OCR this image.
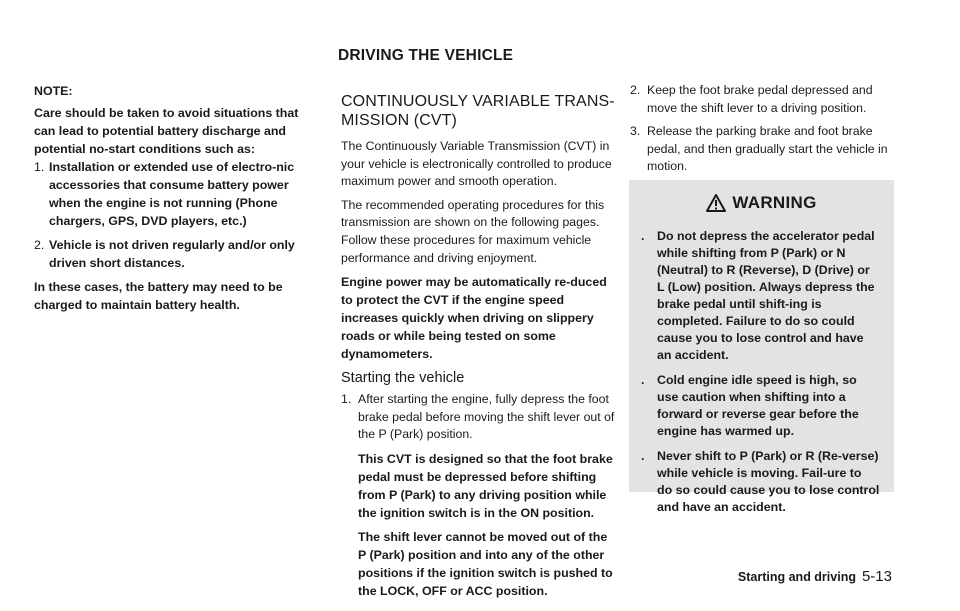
DRIVING THE VEHICLE

NOTE:

Care should be taken to avoid situations that can lead to potential battery discharge and potential no-start conditions such as:

1. Installation or extended use of electro-nic accessories that consume battery power when the engine is not running (Phone chargers, GPS, DVD players, etc.)
2. Vehicle is not driven regularly and/or only driven short distances.

In these cases, the battery may need to be charged to maintain battery health.

CONTINUOUSLY VARIABLE TRANS-MISSION (CVT)

The Continuously Variable Transmission (CVT) in your vehicle is electronically controlled to produce maximum power and smooth operation.

The recommended operating procedures for this transmission are shown on the following pages. Follow these procedures for maximum vehicle performance and driving enjoyment.

Engine power may be automatically re-duced to protect the CVT if the engine speed increases quickly when driving on slippery roads or while being tested on some dynamometers.

Starting the vehicle

1. After starting the engine, fully depress the foot brake pedal before moving the shift lever out of the P (Park) position.

This CVT is designed so that the foot brake pedal must be depressed before shifting from P (Park) to any driving position while the ignition switch is in the ON position.

The shift lever cannot be moved out of the P (Park) position and into any of the other positions if the ignition switch is pushed to the LOCK, OFF or ACC position.

2. Keep the foot brake pedal depressed and move the shift lever to a driving position.

3. Release the parking brake and foot brake pedal, and then gradually start the vehicle in motion.

WARNING
.	Do not depress the accelerator pedal while shifting from P (Park) or N (Neutral) to R (Reverse), D (Drive) or L (Low) position. Always depress the brake pedal until shift-ing is completed. Failure to do so could cause you to lose control and have an accident.
.	Cold engine idle speed is high, so use caution when shifting into a forward or reverse gear before the engine has warmed up.
.	Never shift to P (Park) or R (Re-verse) while vehicle is moving. Fail-ure to do so could cause you to lose control and have an accident.
Starting and driving 5-13
